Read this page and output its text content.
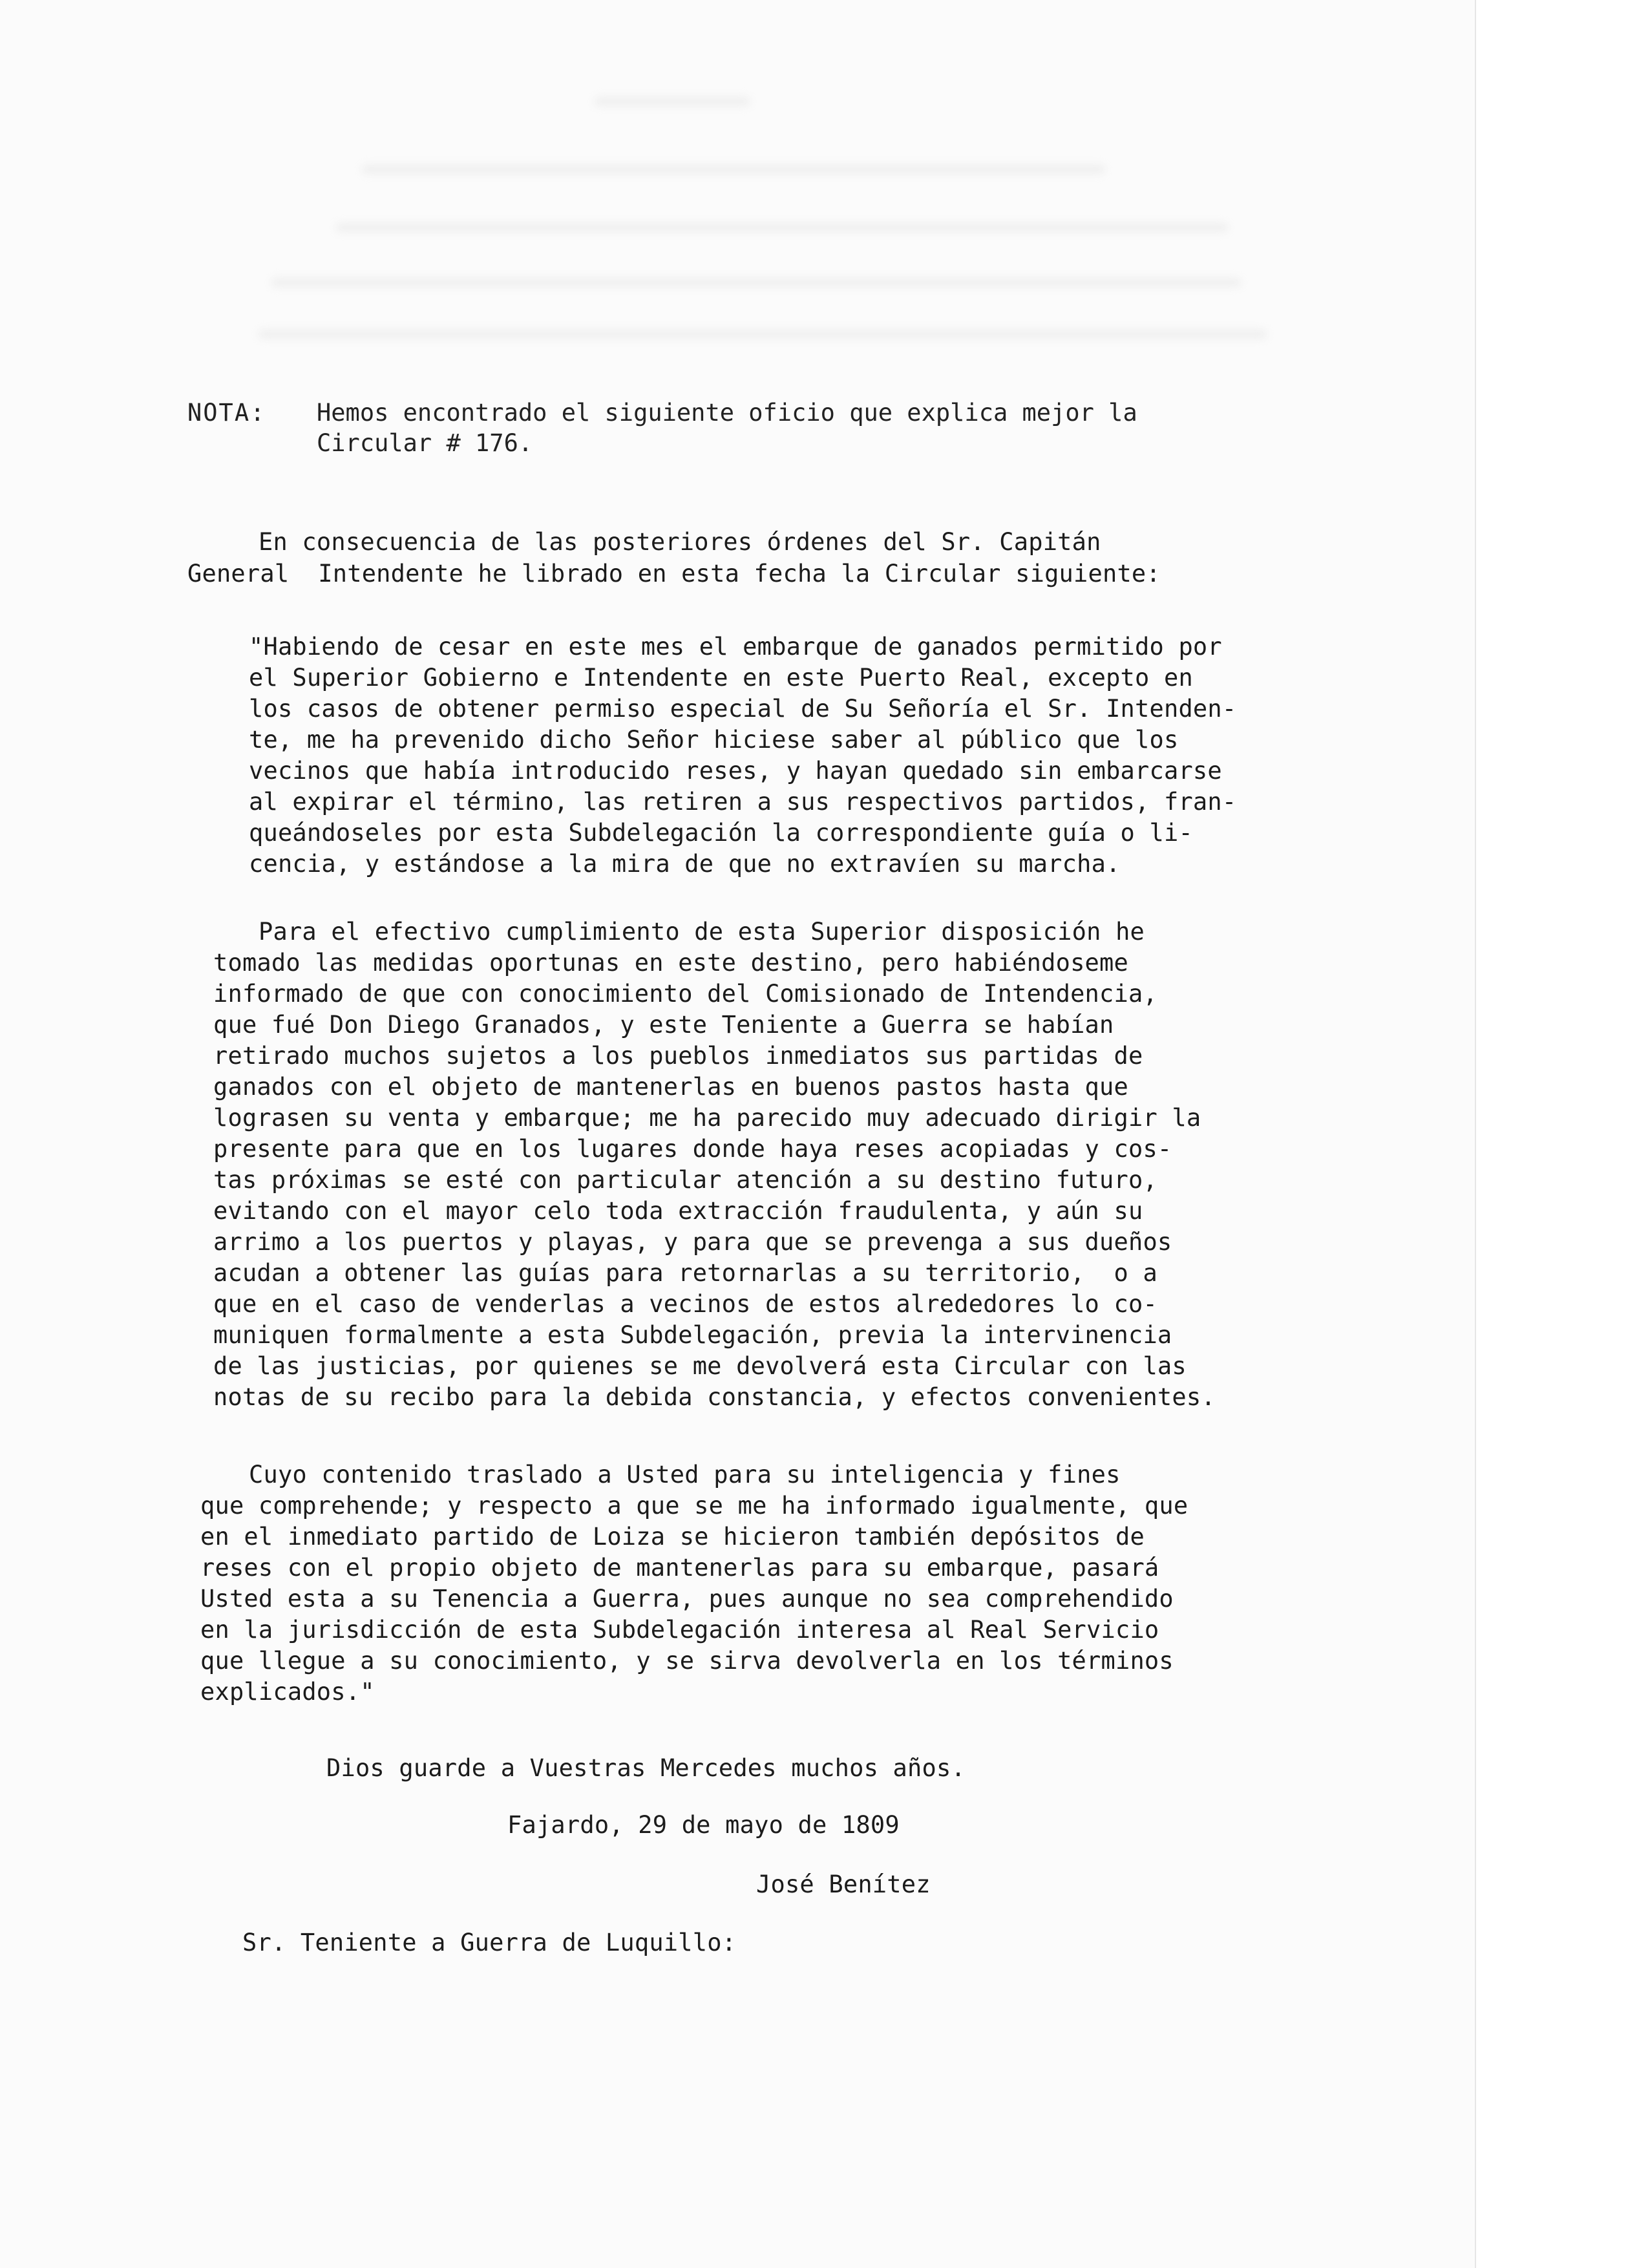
NOTA: Hemos encontrado el siguiente oficio que explica mejor la
Circular # 176.
En consecuencia de las posteriores órdenes del Sr. Capitán
General  Intendente he librado en esta fecha la Circular siguiente:
"Habiendo de cesar en este mes el embarque de ganados permitido por
el Superior Gobierno e Intendente en este Puerto Real, excepto en
los casos de obtener permiso especial de Su Señoría el Sr. Intenden-
te, me ha prevenido dicho Señor hiciese saber al público que los
vecinos que había introducido reses, y hayan quedado sin embarcarse
al expirar el término, las retiren a sus respectivos partidos, fran-
queándoseles por esta Subdelegación la correspondiente guía o li-
cencia, y estándose a la mira de que no extravíen su marcha.
Para el efectivo cumplimiento de esta Superior disposición he
tomado las medidas oportunas en este destino, pero habiéndoseme
informado de que con conocimiento del Comisionado de Intendencia,
que fué Don Diego Granados, y este Teniente a Guerra se habían
retirado muchos sujetos a los pueblos inmediatos sus partidas de
ganados con el objeto de mantenerlas en buenos pastos hasta que
lograsen su venta y embarque; me ha parecido muy adecuado dirigir la
presente para que en los lugares donde haya reses acopiadas y cos-
tas próximas se esté con particular atención a su destino futuro,
evitando con el mayor celo toda extracción fraudulenta, y aún su
arrimo a los puertos y playas, y para que se prevenga a sus dueños
acudan a obtener las guías para retornarlas a su territorio,  o a
que en el caso de venderlas a vecinos de estos alrededores lo co-
muniquen formalmente a esta Subdelegación, previa la intervinencia
de las justicias, por quienes se me devolverá esta Circular con las
notas de su recibo para la debida constancia, y efectos convenientes.
Cuyo contenido traslado a Usted para su inteligencia y fines
que comprehende; y respecto a que se me ha informado igualmente, que
en el inmediato partido de Loiza se hicieron también depósitos de
reses con el propio objeto de mantenerlas para su embarque, pasará
Usted esta a su Tenencia a Guerra, pues aunque no sea comprehendido
en la jurisdicción de esta Subdelegación interesa al Real Servicio
que llegue a su conocimiento, y se sirva devolverla en los términos
explicados."
Dios guarde a Vuestras Mercedes muchos años.
Fajardo, 29 de mayo de 1809
José Benítez
Sr. Teniente a Guerra de Luquillo:
